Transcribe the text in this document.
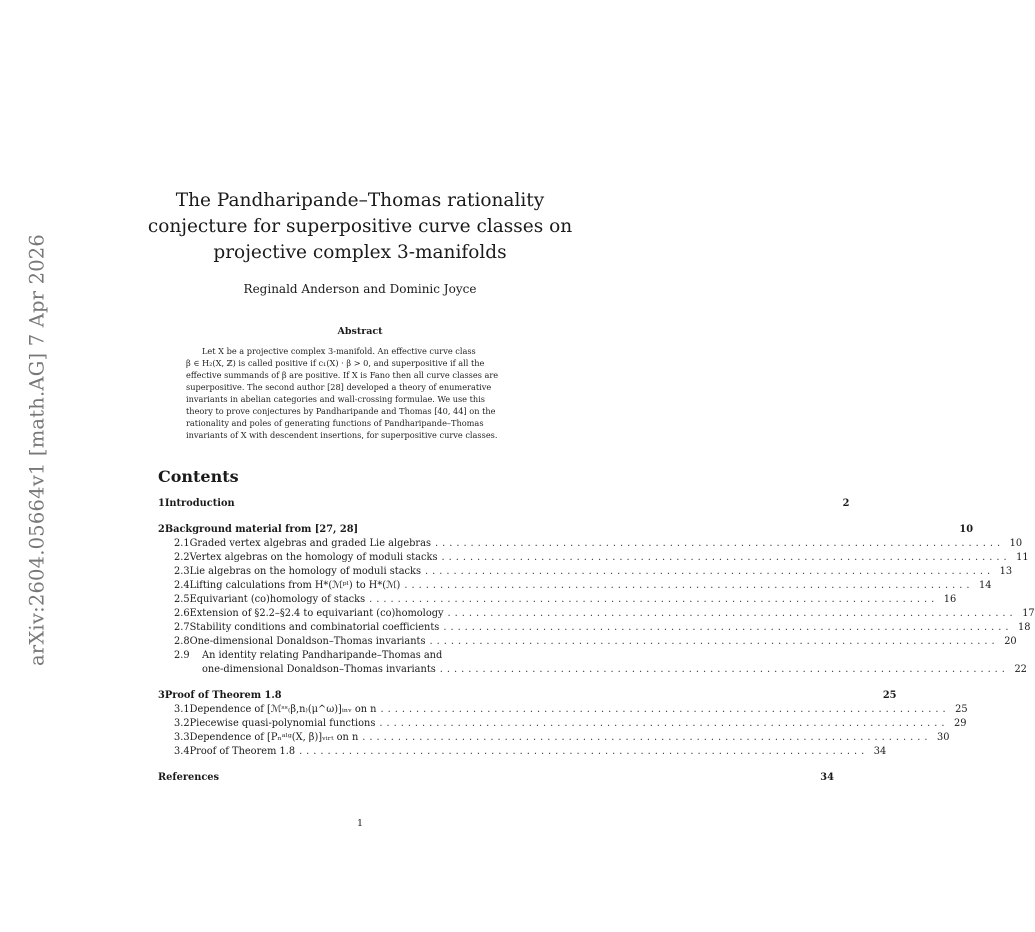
arXiv:2604.05664v1 [math.AG] 7 Apr 2026
The Pandharipande–Thomas rationality
conjecture for superpositive curve classes on
projective complex 3-manifolds
Reginald Anderson and Dominic Joyce
Abstract
Let X be a projective complex 3-manifold. An effective curve class
β ∈ H₂(X, ℤ) is called positive if c₁(X) · β > 0, and superpositive if all the
effective summands of β are positive. If X is Fano then all curve classes are
superpositive. The second author [28] developed a theory of enumerative
invariants in abelian categories and wall-crossing formulae. We use this
theory to prove conjectures by Pandharipande and Thomas [40, 44] on the
rationality and poles of generating functions of Pandharipande–Thomas
invariants of X with descendent insertions, for superpositive curve classes.
Contents
1 Introduction	2
2 Background material from [27, 28]	10
2.1 Graded vertex algebras and graded Lie algebras ................................................................................ 10
2.2 Vertex algebras on the homology of moduli stacks ................................................................................ 11
2.3 Lie algebras on the homology of moduli stacks ................................................................................ 13
2.4 Lifting calculations from H*(ℳᵖˡ) to H*(ℳ) ................................................................................ 14
2.5 Equivariant (co)homology of stacks ................................................................................ 16
2.6 Extension of §2.2–§2.4 to equivariant (co)homology ................................................................................ 17
2.7 Stability conditions and combinatorial coefficients ................................................................................ 18
2.8 One-dimensional Donaldson–Thomas invariants ................................................................................ 20
2.9	An identity relating Pandharipande–Thomas and
one-dimensional Donaldson–Thomas invariants ................................................................................ 22
3 Proof of Theorem 1.8	25
3.1 Dependence of [ℳˢˢ₍β,n₎(μ^ω)]ᵢₙᵥ on n ................................................................................ 25
3.2 Piecewise quasi-polynomial functions ................................................................................ 29
3.3 Dependence of [Pₙᵃˡᵍ(X, β)]ᵥᵢᵣₜ on n ................................................................................ 30
3.4 Proof of Theorem 1.8 ................................................................................ 34
References	34
1
